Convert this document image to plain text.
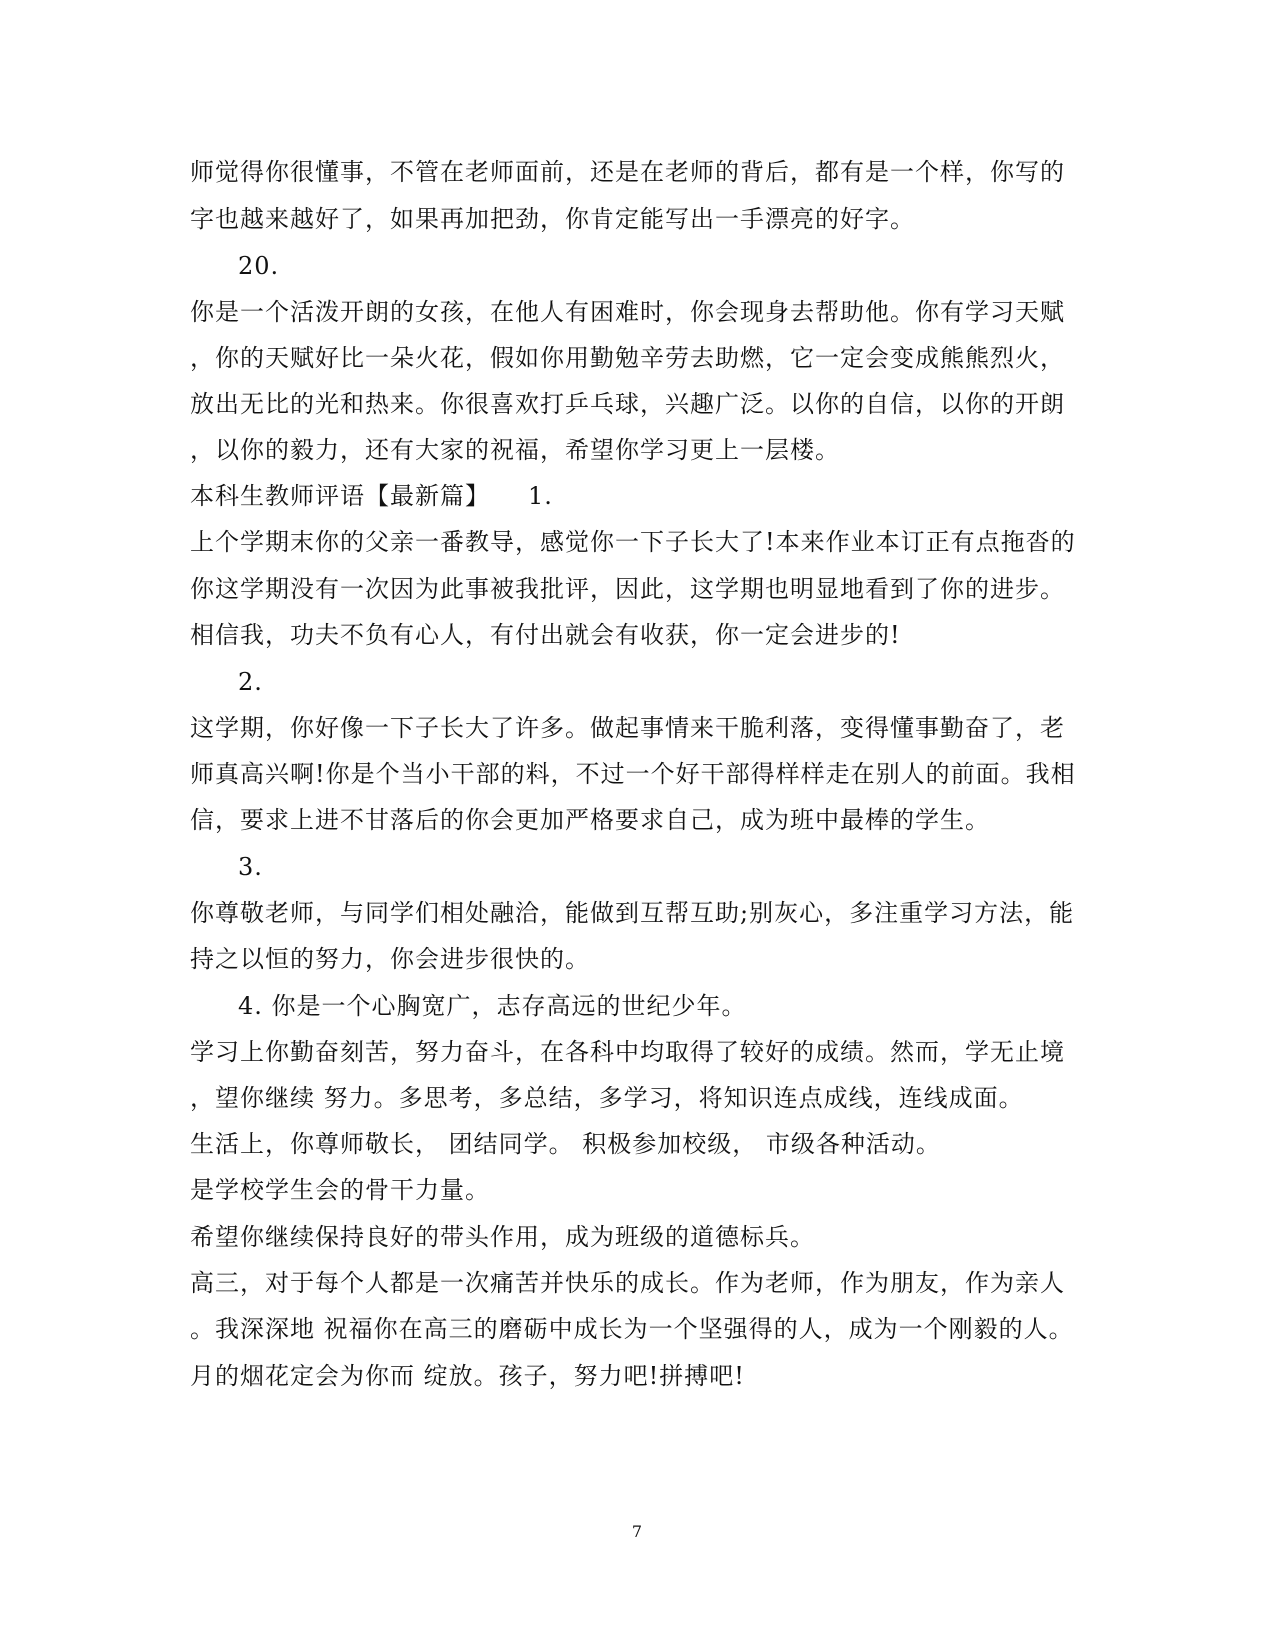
师觉得你很懂事，不管在老师面前，还是在老师的背后，都有是一个样，你写的
字也越来越好了，如果再加把劲，你肯定能写出一手漂亮的好字。
20.
你是一个活泼开朗的女孩，在他人有困难时，你会现身去帮助他。你有学习天赋
，你的天赋好比一朵火花，假如你用勤勉辛劳去助燃，它一定会变成熊熊烈火，
放出无比的光和热来。你很喜欢打乒乓球，兴趣广泛。以你的自信，以你的开朗
，以你的毅力，还有大家的祝福，希望你学习更上一层楼。
本科生教师评语【最新篇】　　1.
上个学期末你的父亲一番教导，感觉你一下子长大了!本来作业本订正有点拖沓的
你这学期没有一次因为此事被我批评，因此，这学期也明显地看到了你的进步。
相信我，功夫不负有心人，有付出就会有收获，你一定会进步的!
2.
这学期，你好像一下子长大了许多。做起事情来干脆利落，变得懂事勤奋了，老
师真高兴啊!你是个当小干部的料，不过一个好干部得样样走在别人的前面。我相
信，要求上进不甘落后的你会更加严格要求自己，成为班中最棒的学生。
3.
你尊敬老师，与同学们相处融洽，能做到互帮互助;别灰心，多注重学习方法，能
持之以恒的努力，你会进步很快的。
4. 你是一个心胸宽广，志存高远的世纪少年。
学习上你勤奋刻苦，努力奋斗，在各科中均取得了较好的成绩。然而，学无止境
，望你继续 努力。多思考，多总结，多学习，将知识连点成线，连线成面。
生活上，你尊师敬长， 团结同学。 积极参加校级， 市级各种活动。
是学校学生会的骨干力量。
希望你继续保持良好的带头作用，成为班级的道德标兵。
高三，对于每个人都是一次痛苦并快乐的成长。作为老师，作为朋友，作为亲人
。我深深地 祝福你在高三的磨砺中成长为一个坚强得的人，成为一个刚毅的人。
月的烟花定会为你而 绽放。孩子，努力吧!拼搏吧!
7
